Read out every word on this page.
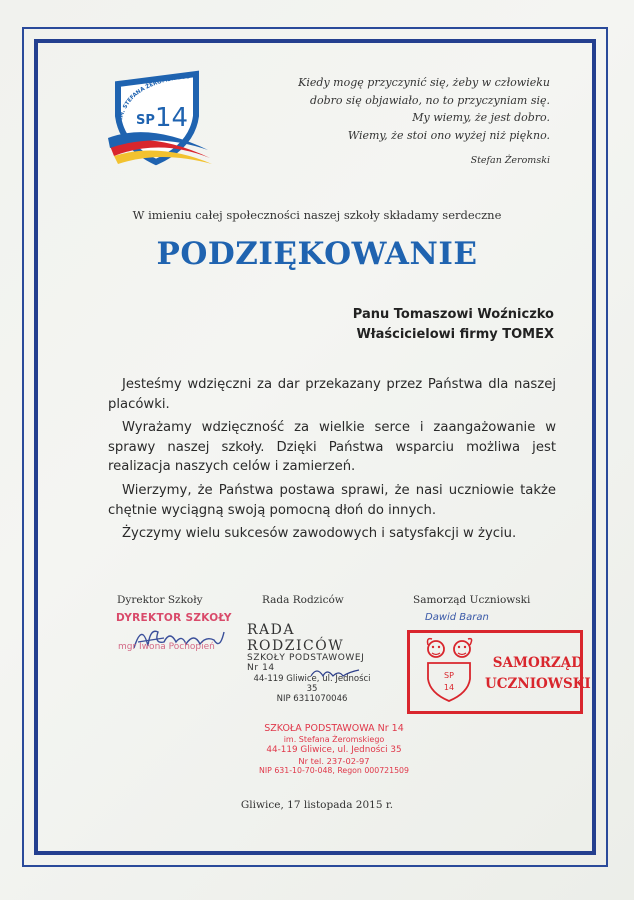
IM. STEFANA ŻEROMSKIEGO
SP 14
Kiedy mogę przyczynić się, żeby w człowieku
dobro się objawiało, no to przyczyniam się.
My wiemy, że jest dobro.
Wiemy, że stoi ono wyżej niż piękno.
Stefan Żeromski
W imieniu całej społeczności naszej szkoły składamy serdeczne
PODZIĘKOWANIE
Panu Tomaszowi Woźniczko
Właścicielowi firmy TOMEX

Jesteśmy wdzięczni za dar przekazany przez Państwa dla naszej placówki.

Wyrażamy wdzięczność za wielkie serce i zaangażowanie w sprawy naszej szkoły. Dzięki Państwa wsparciu możliwa jest realizacja naszych celów i zamierzeń.

Wierzymy, że Państwa postawa sprawi, że nasi uczniowie także chętnie wyciągną swoją pomocną dłoń do innych.

Życzymy wielu sukcesów zawodowych i satysfakcji w życiu.

Dyrektor Szkoły	Rada Rodziców	Samorząd Uczniowski
DYREKTOR SZKOŁY
mgr Iwona Pochopień
RADA RODZICÓW
SZKOŁY PODSTAWOWEJ Nr 14
44-119 Gliwice, ul. Jedności 35
NIP 6311070046
Dawid Baran
SP
14
SAMORZĄD
UCZNIOWSKI
SZKOŁA PODSTAWOWA Nr 14
im. Stefana Żeromskiego
44-119 Gliwice, ul. Jedności 35
Nr tel. 237-02-97
NIP 631-10-70-048, Regon 000721509
Gliwice, 17 listopada 2015 r.
